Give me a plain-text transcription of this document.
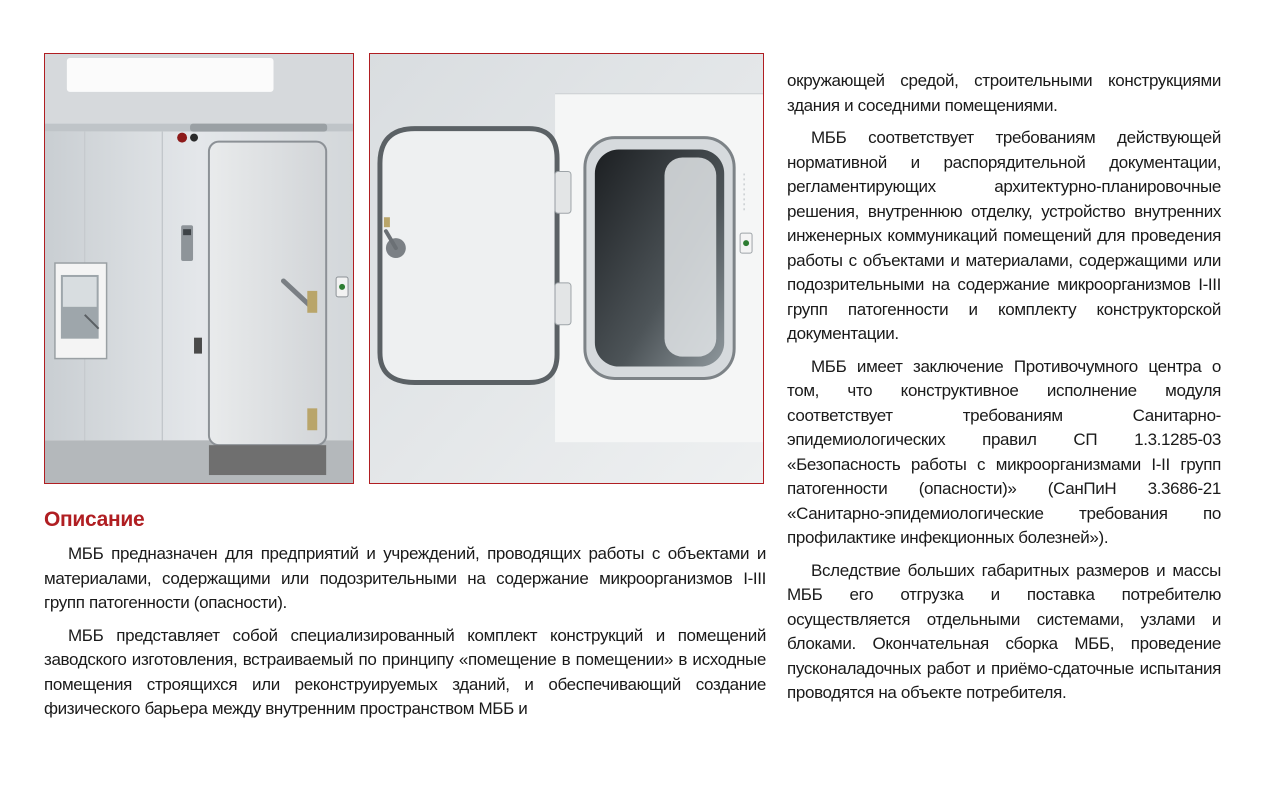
Описание

МББ предназначен для предприятий и учреждений, проводящих работы с объектами и материалами, содержащими или подозрительными на содержание микроорганизмов I-III групп патогенности (опасности).

МББ представляет собой специализированный комплект конструкций и помещений заводского изготовления, встраиваемый по принципу «помещение в помещении» в исходные помещения строящихся или реконструируемых зданий, и обеспечивающий создание физического барьера между внутренним пространством МББ и

окружающей средой, строительными конструкциями здания и соседними помещениями.

МББ соответствует требованиям действующей нормативной и распорядительной документации, регламентирующих архитектурно-планировочные решения, внутреннюю отделку, устройство внутренних инженерных коммуникаций помещений для проведения работы с объектами и материалами, содержащими или подозрительными на содержание микроорганизмов I-III групп патогенности и комплекту конструкторской документации.

МББ имеет заключение Противочумного центра о том, что конструктивное исполнение модуля соответствует требованиям Санитарно-эпидемиологических правил СП 1.3.1285-03 «Безопасность работы с микроорганизмами I-II групп патогенности (опасности)» (СанПиН 3.3686-21 «Санитарно-эпидемиологические требования по профилактике инфекционных болезней»).

Вследствие больших габаритных размеров и массы МББ его отгрузка и поставка потребителю осуществляется отдельными системами, узлами и блоками. Окончательная сборка МББ, проведение пусконаладочных работ и приёмо-сдаточные испытания проводятся на объекте потребителя.
